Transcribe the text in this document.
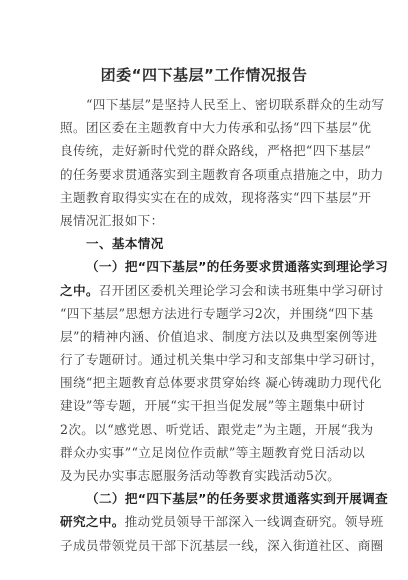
团委“四下基层”工作情况报告
“四下基层”是坚持人民至上、密切联系群众的生动写
照。团区委在主题教育中大力传承和弘扬“四下基层”优
良传统，走好新时代党的群众路线，严格把“四下基层”
的任务要求贯通落实到主题教育各项重点措施之中，助力
主题教育取得实实在在的成效，现将落实“四下基层”开
展情况汇报如下：
一、基本情况
（一）把“四下基层”的任务要求贯通落实到理论学习
之中。召开团区委机关理论学习会和读书班集中学习研讨
“四下基层”思想方法进行专题学习2次，并围绕“四下基
层”的精神内涵、价值追求、制度方法以及典型案例等进
行了专题研讨。通过机关集中学习和支部集中学习研讨，
围绕“把主题教育总体要求贯穿始终 凝心铸魂助力现代化
建设”等专题，开展“实干担当促发展”等主题集中研讨
2次。以“感党恩、听党话、跟党走”为主题，开展“我为
群众办实事”“立足岗位作贡献”等主题教育党日活动以
及为民办实事志愿服务活动等教育实践活动5次。
（二）把“四下基层”的任务要求贯通落实到开展调查
研究之中。推动党员领导干部深入一线调查研究。领导班
子成员带领党员干部下沉基层一线，深入街道社区、商圈
